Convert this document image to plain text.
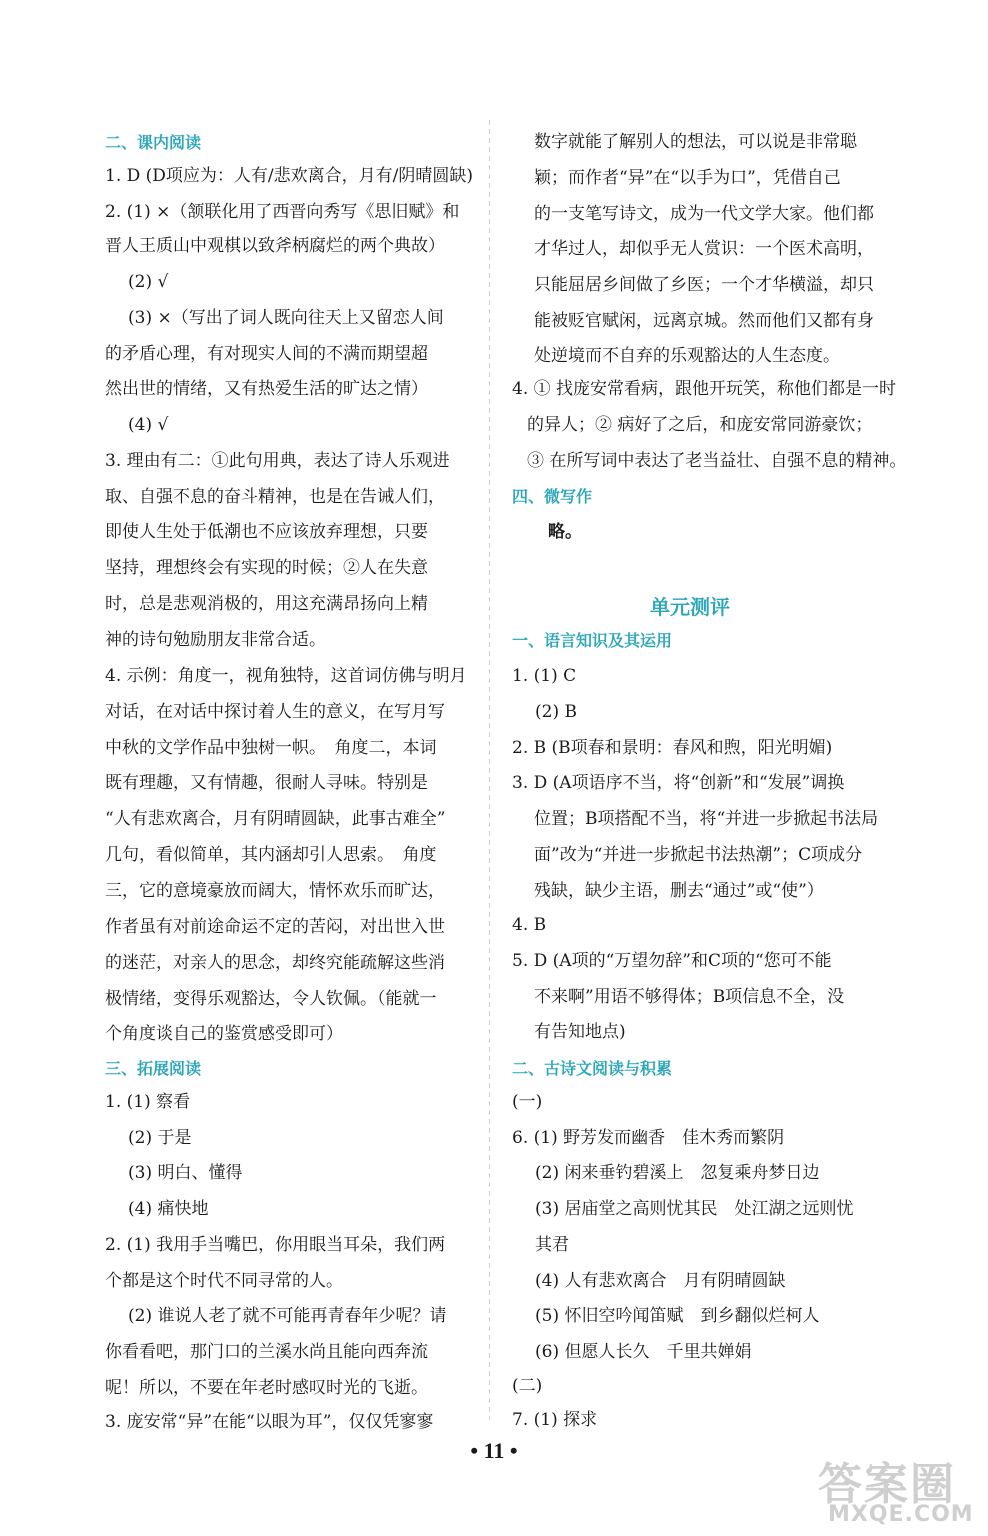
二、课内阅读
1. D (D项应为：人有/悲欢离合，月有/阴晴圆缺)
2. (1) ×（颔联化用了西晋向秀写《思旧赋》和
晋人王质山中观棋以致斧柄腐烂的两个典故）
(2) √
(3) ×（写出了词人既向往天上又留恋人间
的矛盾心理，有对现实人间的不满而期望超
然出世的情绪，又有热爱生活的旷达之情）
(4) √
3. 理由有二：①此句用典，表达了诗人乐观进
取、自强不息的奋斗精神，也是在告诫人们，
即使人生处于低潮也不应该放弃理想，只要
坚持，理想终会有实现的时候；②人在失意
时，总是悲观消极的，用这充满昂扬向上精
神的诗句勉励朋友非常合适。
4. 示例：角度一，视角独特，这首词仿佛与明月
对话，在对话中探讨着人生的意义，在写月写
中秋的文学作品中独树一帜。　角度二，本词
既有理趣，又有情趣，很耐人寻味。特别是
“人有悲欢离合，月有阴晴圆缺，此事古难全”
几句，看似简单，其内涵却引人思索。　角度
三，它的意境豪放而阔大，情怀欢乐而旷达，
作者虽有对前途命运不定的苦闷，对出世入世
的迷茫，对亲人的思念，却终究能疏解这些消
极情绪，变得乐观豁达，令人钦佩。（能就一
个角度谈自己的鉴赏感受即可）
三、拓展阅读
1. (1) 察看
(2) 于是
(3) 明白、懂得
(4) 痛快地
2. (1) 我用手当嘴巴，你用眼当耳朵，我们两
个都是这个时代不同寻常的人。
(2) 谁说人老了就不可能再青春年少呢？请
你看看吧，那门口的兰溪水尚且能向西奔流
呢！所以，不要在年老时感叹时光的飞逝。
3. 庞安常“异”在能“以眼为耳”，仅仅凭寥寥
数字就能了解别人的想法，可以说是非常聪
颖；而作者“异”在“以手为口”，凭借自己
的一支笔写诗文，成为一代文学大家。他们都
才华过人，却似乎无人赏识：一个医术高明，
只能屈居乡间做了乡医；一个才华横溢，却只
能被贬官赋闲，远离京城。然而他们又都有身
处逆境而不自弃的乐观豁达的人生态度。
4. ① 找庞安常看病，跟他开玩笑，称他们都是一时
的异人；② 病好了之后，和庞安常同游豪饮；
③ 在所写词中表达了老当益壮、自强不息的精神。
四、微写作
略。
单元测评
一、语言知识及其运用
1. (1) C
(2) B
2. B (B项春和景明：春风和煦，阳光明媚)
3. D (A项语序不当，将“创新”和“发展”调换
位置；B项搭配不当，将“并进一步掀起书法局
面”改为“并进一步掀起书法热潮”；C项成分
残缺，缺少主语，删去“通过”或“使”）
4. B
5. D (A项的“万望勿辞”和C项的“您可不能
不来啊”用语不够得体；B项信息不全，没
有告知地点)
二、古诗文阅读与积累
(一)
6. (1) 野芳发而幽香　佳木秀而繁阴
(2) 闲来垂钓碧溪上　忽复乘舟梦日边
(3) 居庙堂之高则忧其民　处江湖之远则忧
其君
(4) 人有悲欢离合　月有阴晴圆缺
(5) 怀旧空吟闻笛赋　到乡翻似烂柯人
(6) 但愿人长久　千里共婵娟
(二)
7. (1) 探求
• 11 •
答案圈
MXQE.COM
